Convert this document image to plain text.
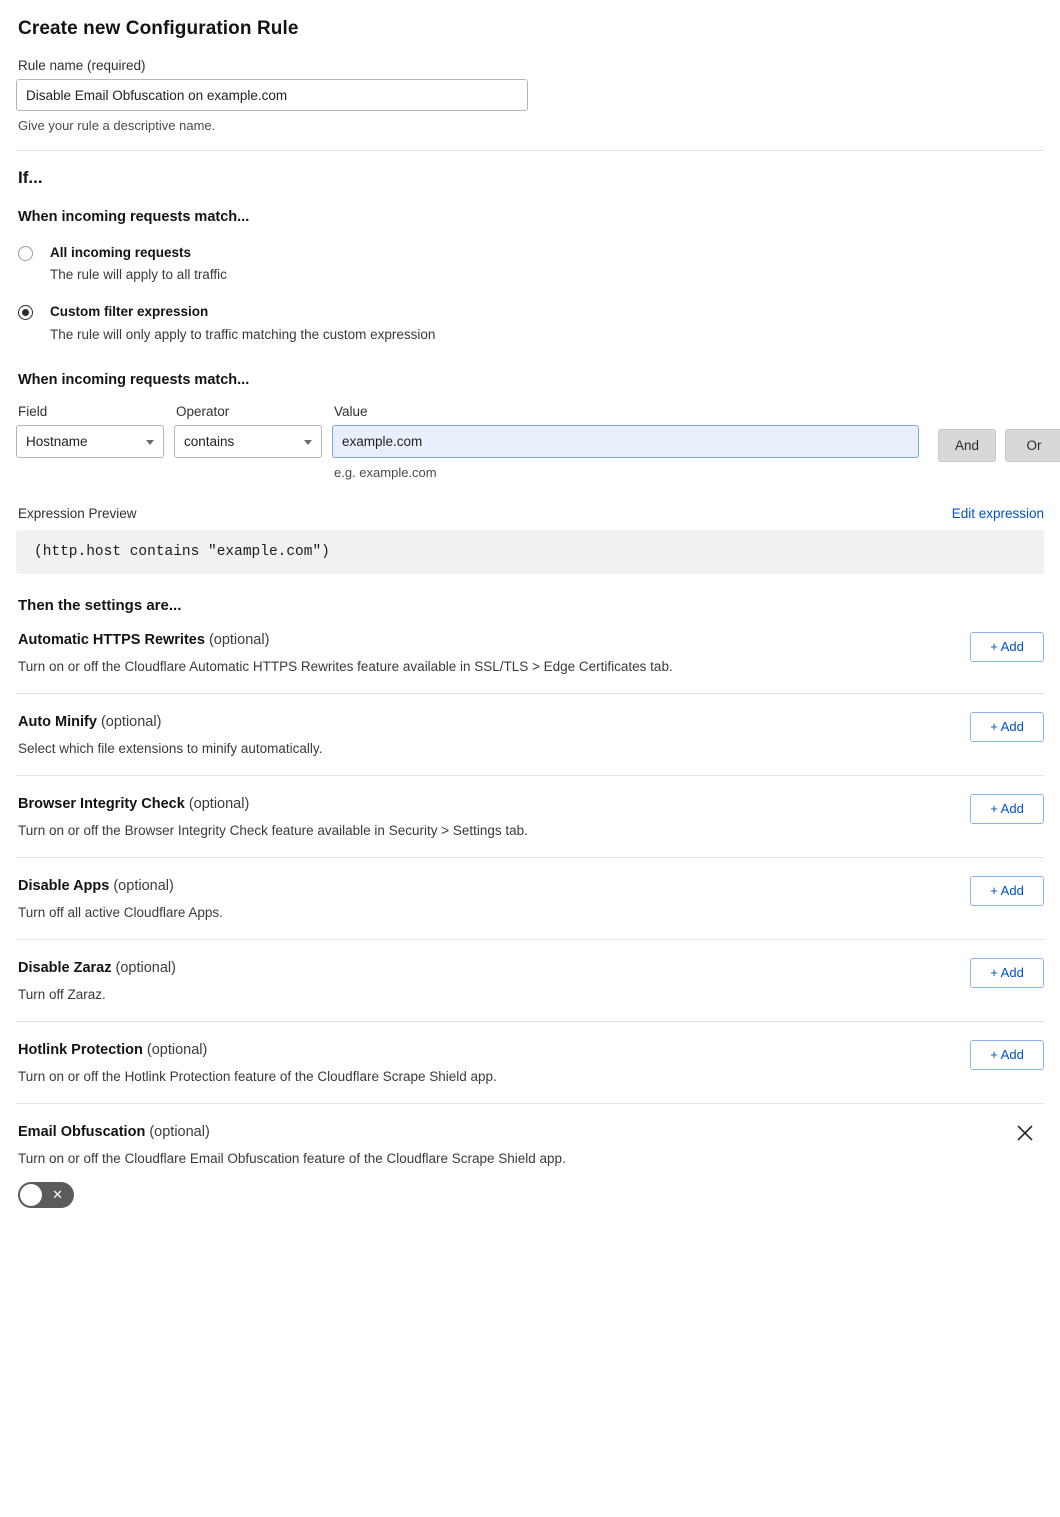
Create new Configuration Rule
Rule name (required)
Disable Email Obfuscation on example.com
Give your rule a descriptive name.
If...
When incoming requests match...
All incoming requests
The rule will apply to all traffic
Custom filter expression
The rule will only apply to traffic matching the custom expression
When incoming requests match...
Field
Hostname
Operator
contains
Value
example.com
e.g. example.com
And	Or
Expression Preview	Edit expression
(http.host contains "example.com")
Then the settings are...
Automatic HTTPS Rewrites (optional)
Turn on or off the Cloudflare Automatic HTTPS Rewrites feature available in SSL/TLS > Edge Certificates tab.
+ Add
Auto Minify (optional)
Select which file extensions to minify automatically.
+ Add
Browser Integrity Check (optional)
Turn on or off the Browser Integrity Check feature available in Security > Settings tab.
+ Add
Disable Apps (optional)
Turn off all active Cloudflare Apps.
+ Add
Disable Zaraz (optional)
Turn off Zaraz.
+ Add
Hotlink Protection (optional)
Turn on or off the Hotlink Protection feature of the Cloudflare Scrape Shield app.
+ Add
Email Obfuscation (optional)
Turn on or off the Cloudflare Email Obfuscation feature of the Cloudflare Scrape Shield app.
✕
